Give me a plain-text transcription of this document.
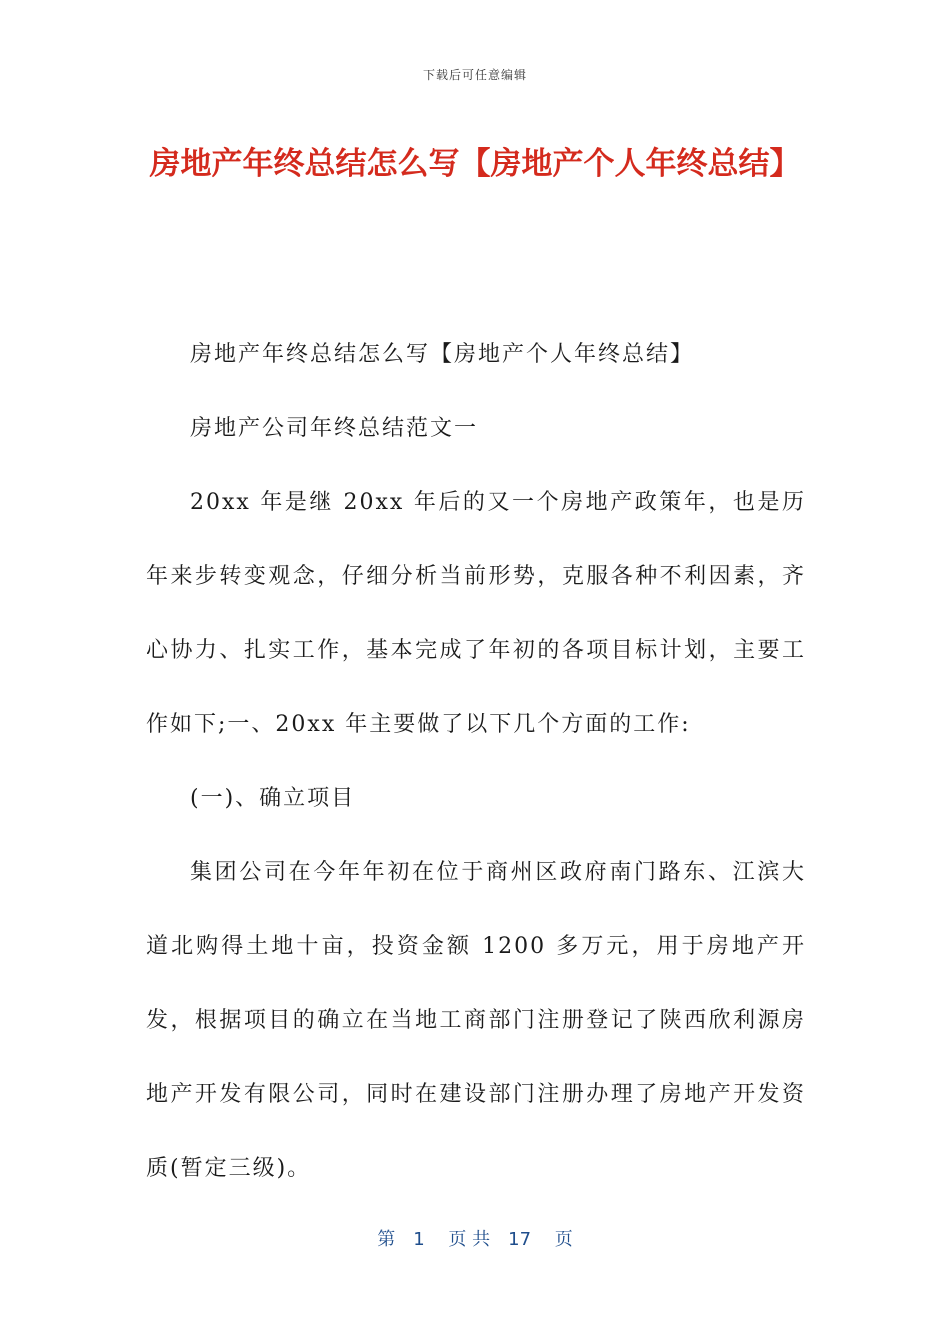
下载后可任意编辑
房地产年终总结怎么写【房地产个人年终总结】

房地产年终总结怎么写【房地产个人年终总结】

房地产公司年终总结范文一

20xx 年是继 20xx 年后的又一个房地产政策年，也是历年来步转变观念，仔细分析当前形势，克服各种不利因素，齐心协力、扎实工作，基本完成了年初的各项目标计划，主要工作如下;一、20xx 年主要做了以下几个方面的工作:

(一)、确立项目

集团公司在今年年初在位于商州区政府南门路东、江滨大道北购得土地十亩，投资金额 1200 多万元，用于房地产开发，根据项目的确立在当地工商部门注册登记了陕西欣利源房地产开发有限公司，同时在建设部门注册办理了房地产开发资质(暂定三级)。

第　1　 页 共　17　 页
